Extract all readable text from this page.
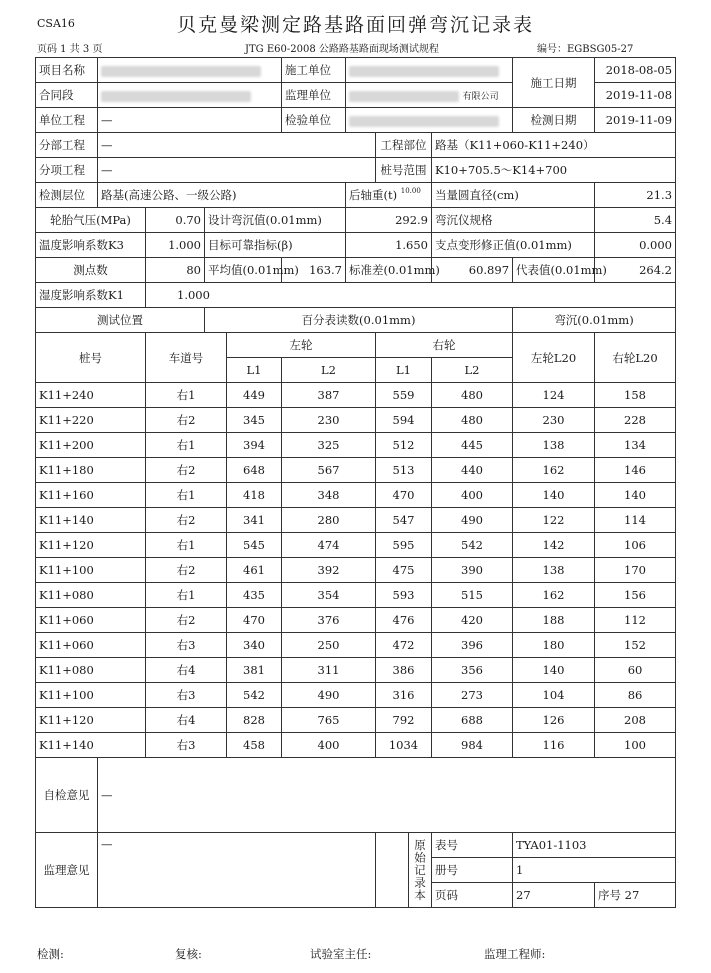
CSA16	贝克曼梁测定路基路面回弹弯沉记录表
页码 1 共 3 页	JTG E60-2008 公路路基路面现场测试规程	编号：EGBSG05-27
项目名称					施工单位				施工日期	2018-08-05
合同段					监理单位	有限公司				2019-11-08
单位工程	—				检验单位				检测日期	2019-11-09
分部工程	—						工程部位	路基（K11+060-K11+240）		
分项工程	—						桩号范围	K10+705.5～K14+700		
检测层位	路基(高速公路、一级公路)					后轴重(t) $^{10.00}$		当量圆直径(cm)		21.3
轮胎气压(MPa)		0.70	设计弯沉值(0.01mm)			292.9		弯沉仪规格		5.4
温度影响系数K3		1.000	目标可靠指标(β)			1.650		支点变形修正值(0.01mm)		0.000
测点数		80	平均值(0.01mm)		163.7	标准差(0.01mm)		60.897	代表值(0.01mm)	264.2
湿度影响系数K1		1.000								
测试位置			百分表读数(0.01mm)						弯沉(0.01mm)	
桩号		车道号		左轮			右轮		左轮L20	右轮L20
				L1	L2		L1	L2		
K11+240		右1		449	387		559	480	124	158
K11+220		右2		345	230		594	480	230	228
K11+200		右1		394	325		512	445	138	134
K11+180		右2		648	567		513	440	162	146
K11+160		右1		418	348		470	400	140	140
K11+140		右2		341	280		547	490	122	114
K11+120		右1		545	474		595	542	142	106
K11+100		右2		461	392		475	390	138	170
K11+080		右1		435	354		593	515	162	156
K11+060		右2		470	376		476	420	188	112
K11+060		右3		340	250		472	396	180	152
K11+080		右4		381	311		386	356	140	60
K11+100		右3		542	490		316	273	104	86
K11+120		右4		828	765		792	688	126	208
K11+140		右3		458	400		1034	984	116	100
自检意见	—									
监理意见	—						原始记录本	表号	TYA01-1103	
								册号	1	
								页码	27	序号 27
检测:	复核:	试验室主任:	监理工程师:
